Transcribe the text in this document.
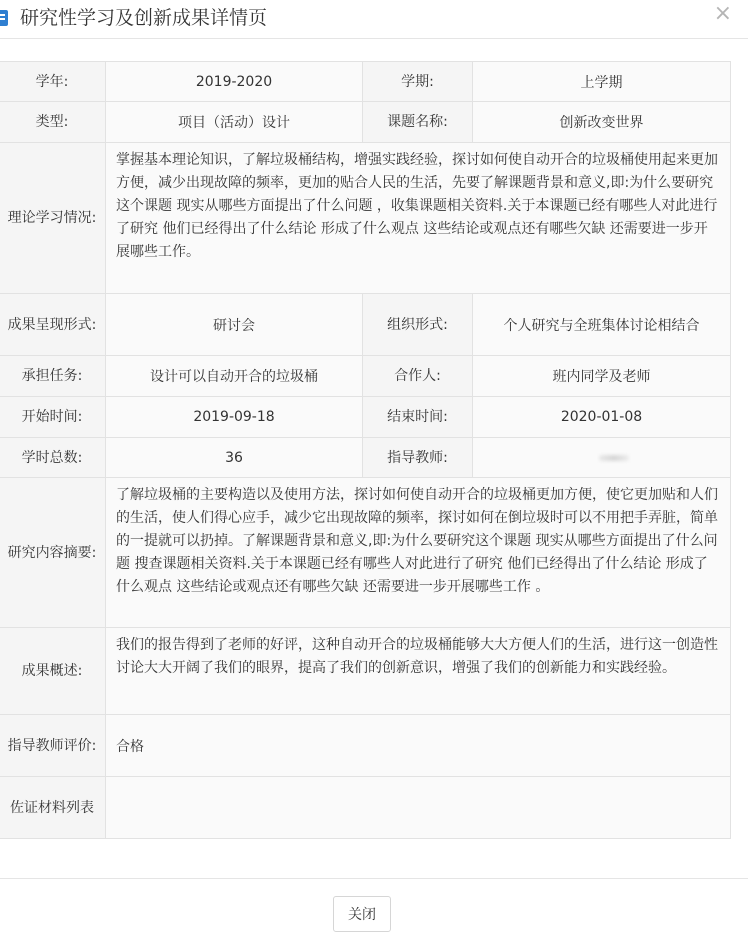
研究性学习及创新成果详情页	×
学年:	2019-2020	学期:	上学期
类型:	项目（活动）设计	课题名称:	创新改变世界
理论学习情况:	掌握基本理论知识，了解垃圾桶结构，增强实践经验，探讨如何使自动开合的垃圾桶使用起来更加方便，减少出现故障的频率，更加的贴合人民的生活，先要了解课题背景和意义,即:为什么要研究这个课题 现实从哪些方面提出了什么问题 ，收集课题相关资料.关于本课题已经有哪些人对此进行了研究 他们已经得出了什么结论 形成了什么观点 这些结论或观点还有哪些欠缺 还需要进一步开展哪些工作。		
成果呈现形式:	研讨会	组织形式:	个人研究与全班集体讨论相结合
承担任务:	设计可以自动开合的垃圾桶	合作人:	班内同学及老师
开始时间:	2019-09-18	结束时间:	2020-01-08
学时总数:	36	指导教师:	
研究内容摘要:	了解垃圾桶的主要构造以及使用方法，探讨如何使自动开合的垃圾桶更加方便，使它更加贴和人们的生活，使人们得心应手，减少它出现故障的频率，探讨如何在倒垃圾时可以不用把手弄脏，简单的一提就可以扔掉。了解课题背景和意义,即:为什么要研究这个课题 现实从哪些方面提出了什么问题 搜查课题相关资料.关于本课题已经有哪些人对此进行了研究 他们已经得出了什么结论 形成了什么观点 这些结论或观点还有哪些欠缺 还需要进一步开展哪些工作 。		
成果概述:	我们的报告得到了老师的好评，这种自动开合的垃圾桶能够大大方便人们的生活，进行这一创造性讨论大大开阔了我们的眼界，提高了我们的创新意识，增强了我们的创新能力和实践经验。		
指导教师评价:	合格		
佐证材料列表			
关闭
